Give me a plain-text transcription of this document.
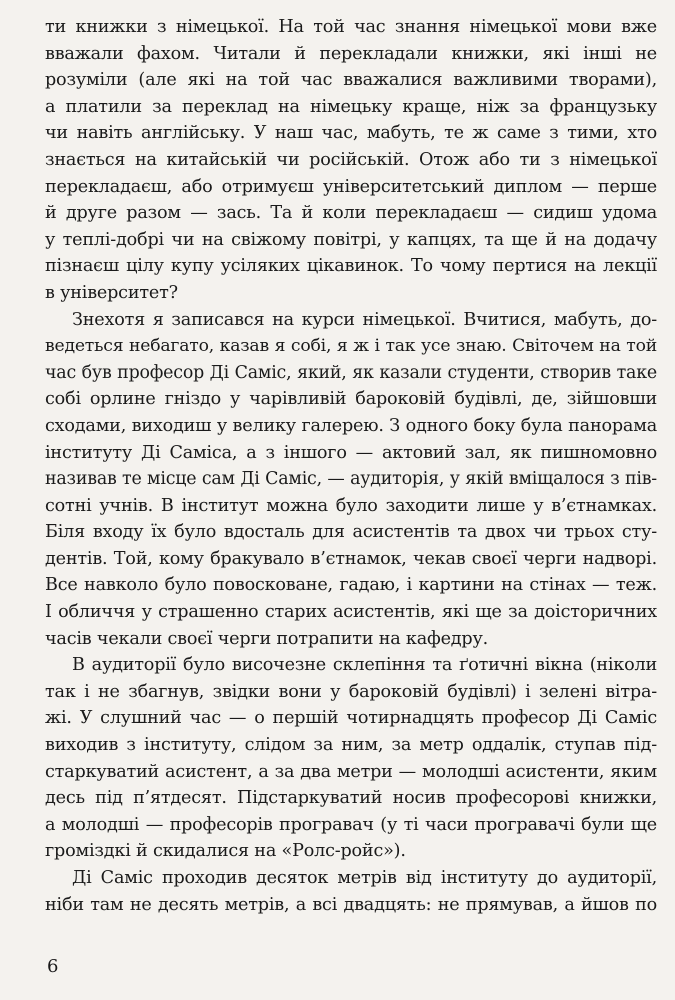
ти книжки з німецької. На той час знання німецької мови вже
вважали фахом. Читали й перекладали книжки, які інші не
розуміли (але які на той час вважалися важливими творами),
а платили за переклад на німецьку краще, ніж за французьку
чи навіть англійську. У наш час, мабуть, те ж саме з тими, хто
знається на китайській чи російській. Отож або ти з німецької
перекладаєш, або отримуєш університетський диплом — перше
й друге разом — зась. Та й коли перекладаєш — сидиш удома
у теплі-добрі чи на свіжому повітрі, у капцях, та ще й на додачу
пізнаєш цілу купу усіляких цікавинок. То чому пертися на лекції
в університет?
Знехотя я записався на курси німецької. Вчитися, мабуть, до-
ведеться небагато, казав я собі, я ж і так усе знаю. Світочем на той
час був професор Ді Саміс, який, як казали студенти, створив таке
собі орлине гніздо у чарівливій бароковій будівлі, де, зійшовши
сходами, виходиш у велику галерею. З одного боку була панорама
інституту Ді Саміса, а з іншого — актовий зал, як пишномовно
називав те місце сам Ді Саміс, — аудиторія, у якій вміщалося з пів-
сотні учнів. В інститут можна було заходити лише у в’єтнамках.
Біля входу їх було вдосталь для асистентів та двох чи трьох сту-
дентів. Той, кому бракувало в’єтнамок, чекав своєї черги надворі.
Все навколо було повосковане, гадаю, і картини на стінах — теж.
І обличчя у страшенно старих асистентів, які ще за доісторичних
часів чекали своєї черги потрапити на кафедру.
В аудиторії було височезне склепіння та ґотичні вікна (ніколи
так і не збагнув, звідки вони у бароковій будівлі) і зелені вітра-
жі. У слушний час — о першій чотирнадцять професор Ді Саміс
виходив з інституту, слідом за ним, за метр оддалік, ступав під-
старкуватий асистент, а за два метри — молодші асистенти, яким
десь під п’ятдесят. Підстаркуватий носив професорові книжки,
а молодші — професорів програвач (у ті часи програвачі були ще
громіздкі й скидалися на «Ролс-ройс»).
Ді Саміс проходив десяток метрів від інституту до аудиторії,
ніби там не десять метрів, а всі двадцять: не прямував, а йшов по
6
